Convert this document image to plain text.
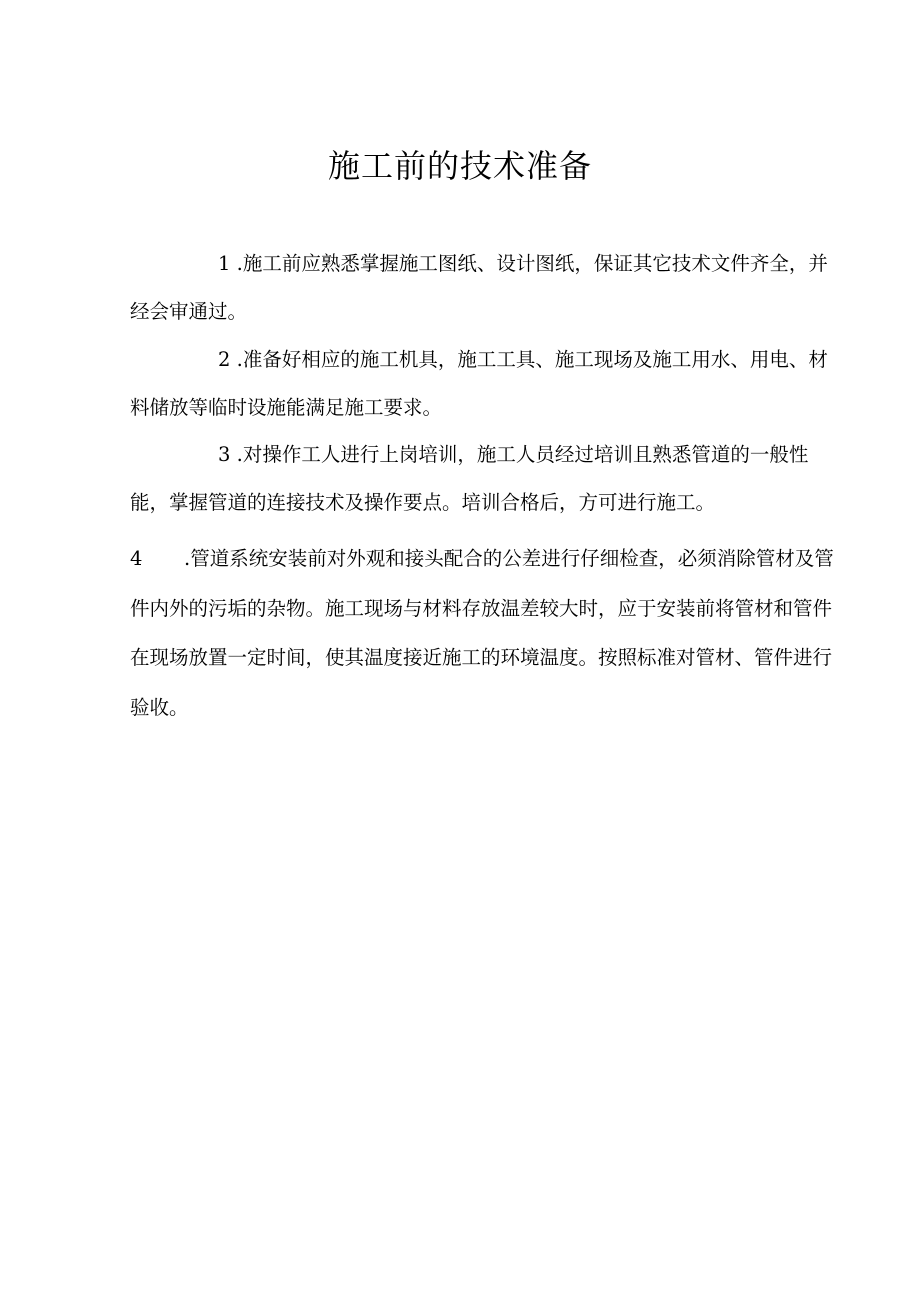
施工前的技术准备

1 .施工前应熟悉掌握施工图纸、设计图纸，保证其它技术文件齐全，并经会审通过。

2 .准备好相应的施工机具，施工工具、施工现场及施工用水、用电、材料储放等临时设施能满足施工要求。

3 .对操作工人进行上岗培训，施工人员经过培训且熟悉管道的一般性能，掌握管道的连接技术及操作要点。培训合格后，方可进行施工。

4 .管道系统安装前对外观和接头配合的公差进行仔细检查，必须消除管材及管件内外的污垢的杂物。施工现场与材料存放温差较大时，应于安装前将管材和管件在现场放置一定时间，使其温度接近施工的环境温度。按照标准对管材、管件进行验收。
